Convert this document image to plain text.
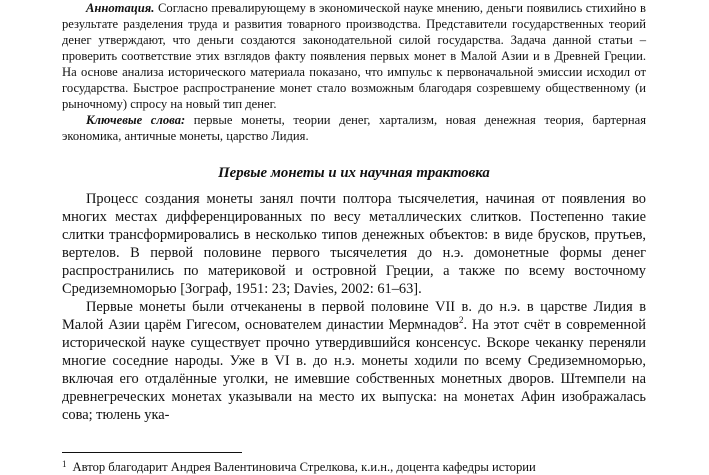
Аннотация. Согласно превалирующему в экономической науке мнению, деньги появились стихийно в результате разделения труда и развития товарного производства. Представители государственных теорий денег утверждают, что деньги создаются законодательной силой государства. Задача данной статьи – проверить соответствие этих взглядов факту появления первых монет в Малой Азии и в Древней Греции. На основе анализа исторического материала показано, что импульс к первоначальной эмиссии исходил от государства. Быстрое распространение монет стало возможным благодаря созревшему общественному (и рыночному) спросу на новый тип денег.

Ключевые слова: первые монеты, теории денег, хартализм, новая денежная теория, бартерная экономика, античные монеты, царство Лидия.

Первые монеты и их научная трактовка

Процесс создания монеты занял почти полтора тысячелетия, начиная от появления во многих местах дифференцированных по весу металлических слитков. Постепенно такие слитки трансформировались в несколько типов денежных объектов: в виде брусков, прутьев, вертелов. В первой половине первого тысячелетия до н.э. домонетные формы денег распространились по материковой и островной Греции, а также по всему восточному Средиземноморью [Зограф, 1951: 23; Davies, 2002: 61–63].

Первые монеты были отчеканены в первой половине VII в. до н.э. в царстве Лидия в Малой Азии царём Гигесом, основателем династии Мермнадов$^2$. На этот счёт в современной исторической науке существует прочно утвердившийся консенсус. Вскоре чеканку переняли многие соседние народы. Уже в VI в. до н.э. монеты ходили по всему Средиземноморью, включая его отдалённые уголки, не имевшие собственных монетных дворов. Штемпели на древнегреческих монетах указывали на место их выпуска: на монетах Афин изображалась сова; тюлень ука-

$^1$ Автор благодарит Андрея Валентиновича Стрелкова, к.и.н., доцента кафедры истории
